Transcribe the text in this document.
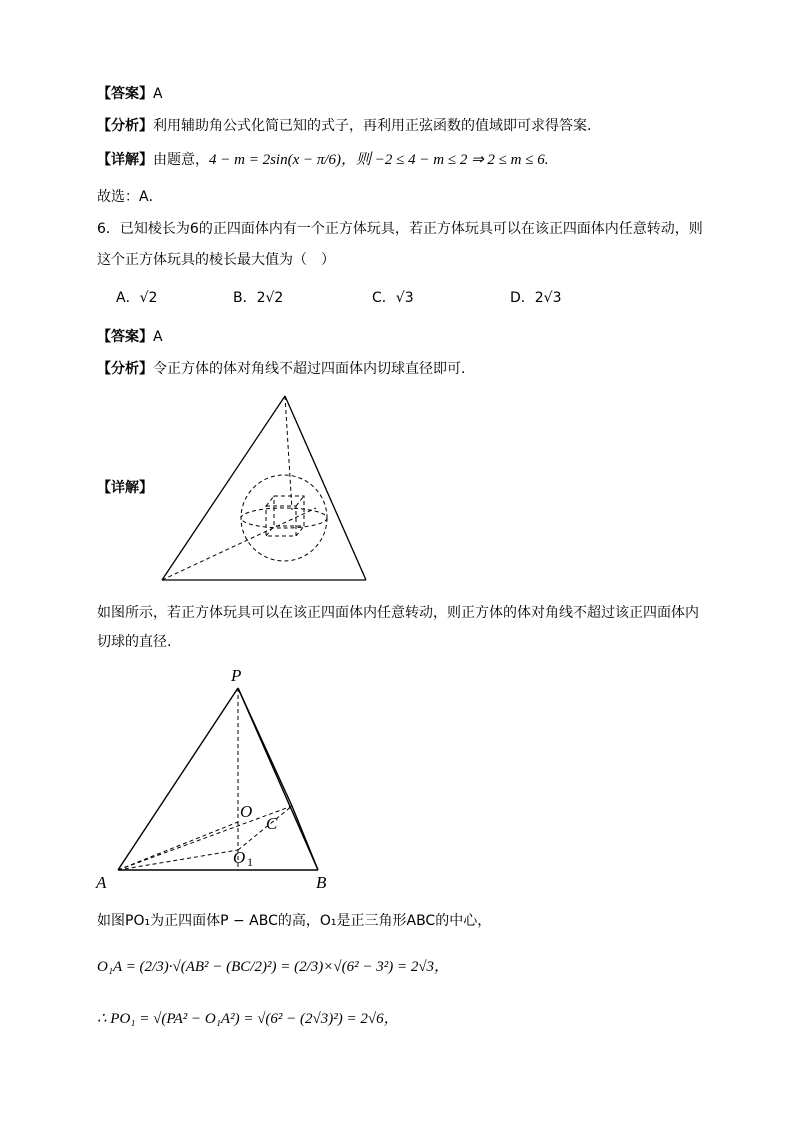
【答案】A
【分析】利用辅助角公式化简已知的式子，再利用正弦函数的值域即可求得答案.
【详解】由题意，4 − m = 2sin(x − π/6)，则 −2 ≤ 4 − m ≤ 2 ⇒ 2 ≤ m ≤ 6.
故选：A．
6．已知棱长为6的正四面体内有一个正方体玩具，若正方体玩具可以在该正四面体内任意转动，则
这个正方体玩具的棱长最大值为（　）
A．√2	B．2√2	C．√3	D．2√3
【答案】A
【分析】令正方体的体对角线不超过四面体内切球直径即可.
【详解】
如图所示，若正方体玩具可以在该正四面体内任意转动，则正方体的体对角线不超过该正四面体内
切球的直径.
P
O
C
O
A	B
1
如图PO₁为正四面体P − ABC的高，O₁是正三角形ABC的中心，
O₁A = (2/3)·√(AB² − (BC/2)²) = (2/3)×√(6² − 3²) = 2√3，
∴ PO₁ = √(PA² − O₁A²) = √(6² − (2√3)²) = 2√6，
